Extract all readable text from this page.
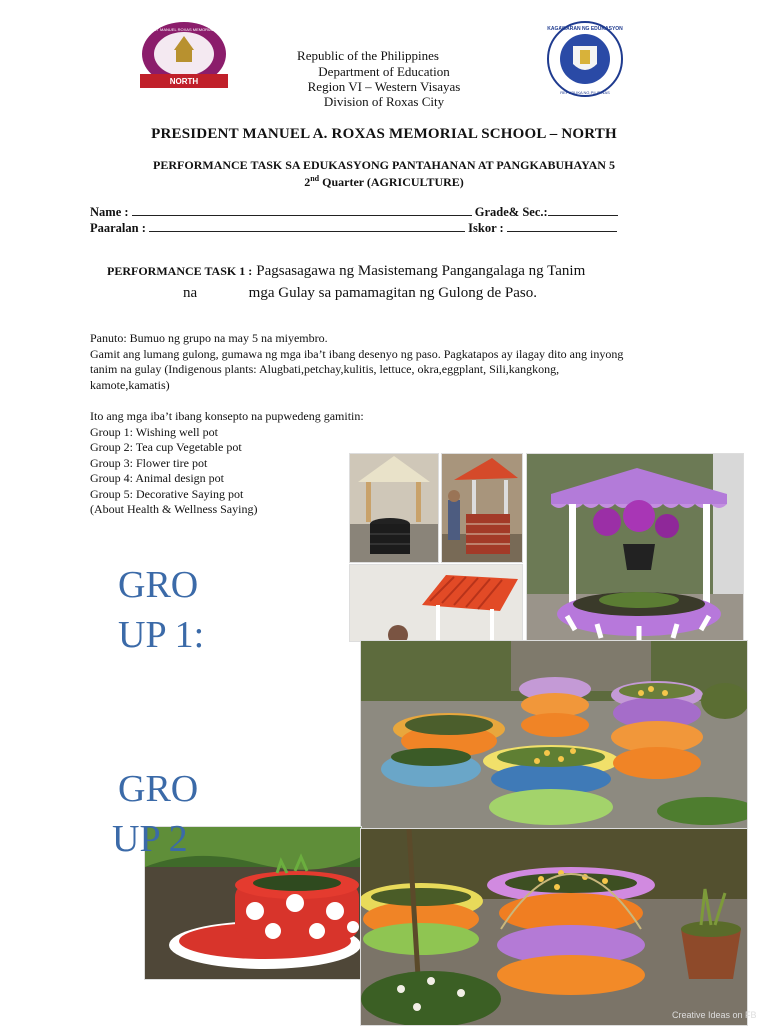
NORTH
PRESIDENT MANUEL ROXAS MEMORIAL SCHOOL
Republic of the Philippines
Department of Education
Region VI – Western Visayas
Division of Roxas City
KAGAWARAN NG EDUKASYON
REPUBLIKA NG PILIPINAS
PRESIDENT MANUEL A. ROXAS MEMORIAL SCHOOL – NORTH
PERFORMANCE TASK SA EDUKASYONG PANTAHANAN AT PANGKABUHAYAN 5
2nd Quarter (AGRICULTURE)
Name :	Grade& Sec.:
Paaralan :	Iskor :
PERFORMANCE TASK 1 : Pagsasagawa ng Masistemang Pangangalaga ng Tanim
na	mga Gulay sa pamamagitan ng Gulong de Paso.
Panuto: Bumuo ng grupo na may 5 na miyembro.
Gamit ang lumang gulong, gumawa ng mga iba’t ibang desenyo ng paso. Pagkatapos ay ilagay dito ang inyong
tanim na gulay (Indigenous plants: Alugbati,petchay,kulitis, lettuce, okra,eggplant, Sili,kangkong,
kamote,kamatis)
Ito ang mga iba’t ibang konsepto na pupwedeng gamitin:
Group 1: Wishing well pot
Group 2: Tea cup Vegetable pot
Group 3: Flower tire pot
Group 4: Animal design pot
Group 5: Decorative Saying pot
(About Health & Wellness Saying)
GRO
UP 1:
GRO
UP 2
Creative Ideas on FB
